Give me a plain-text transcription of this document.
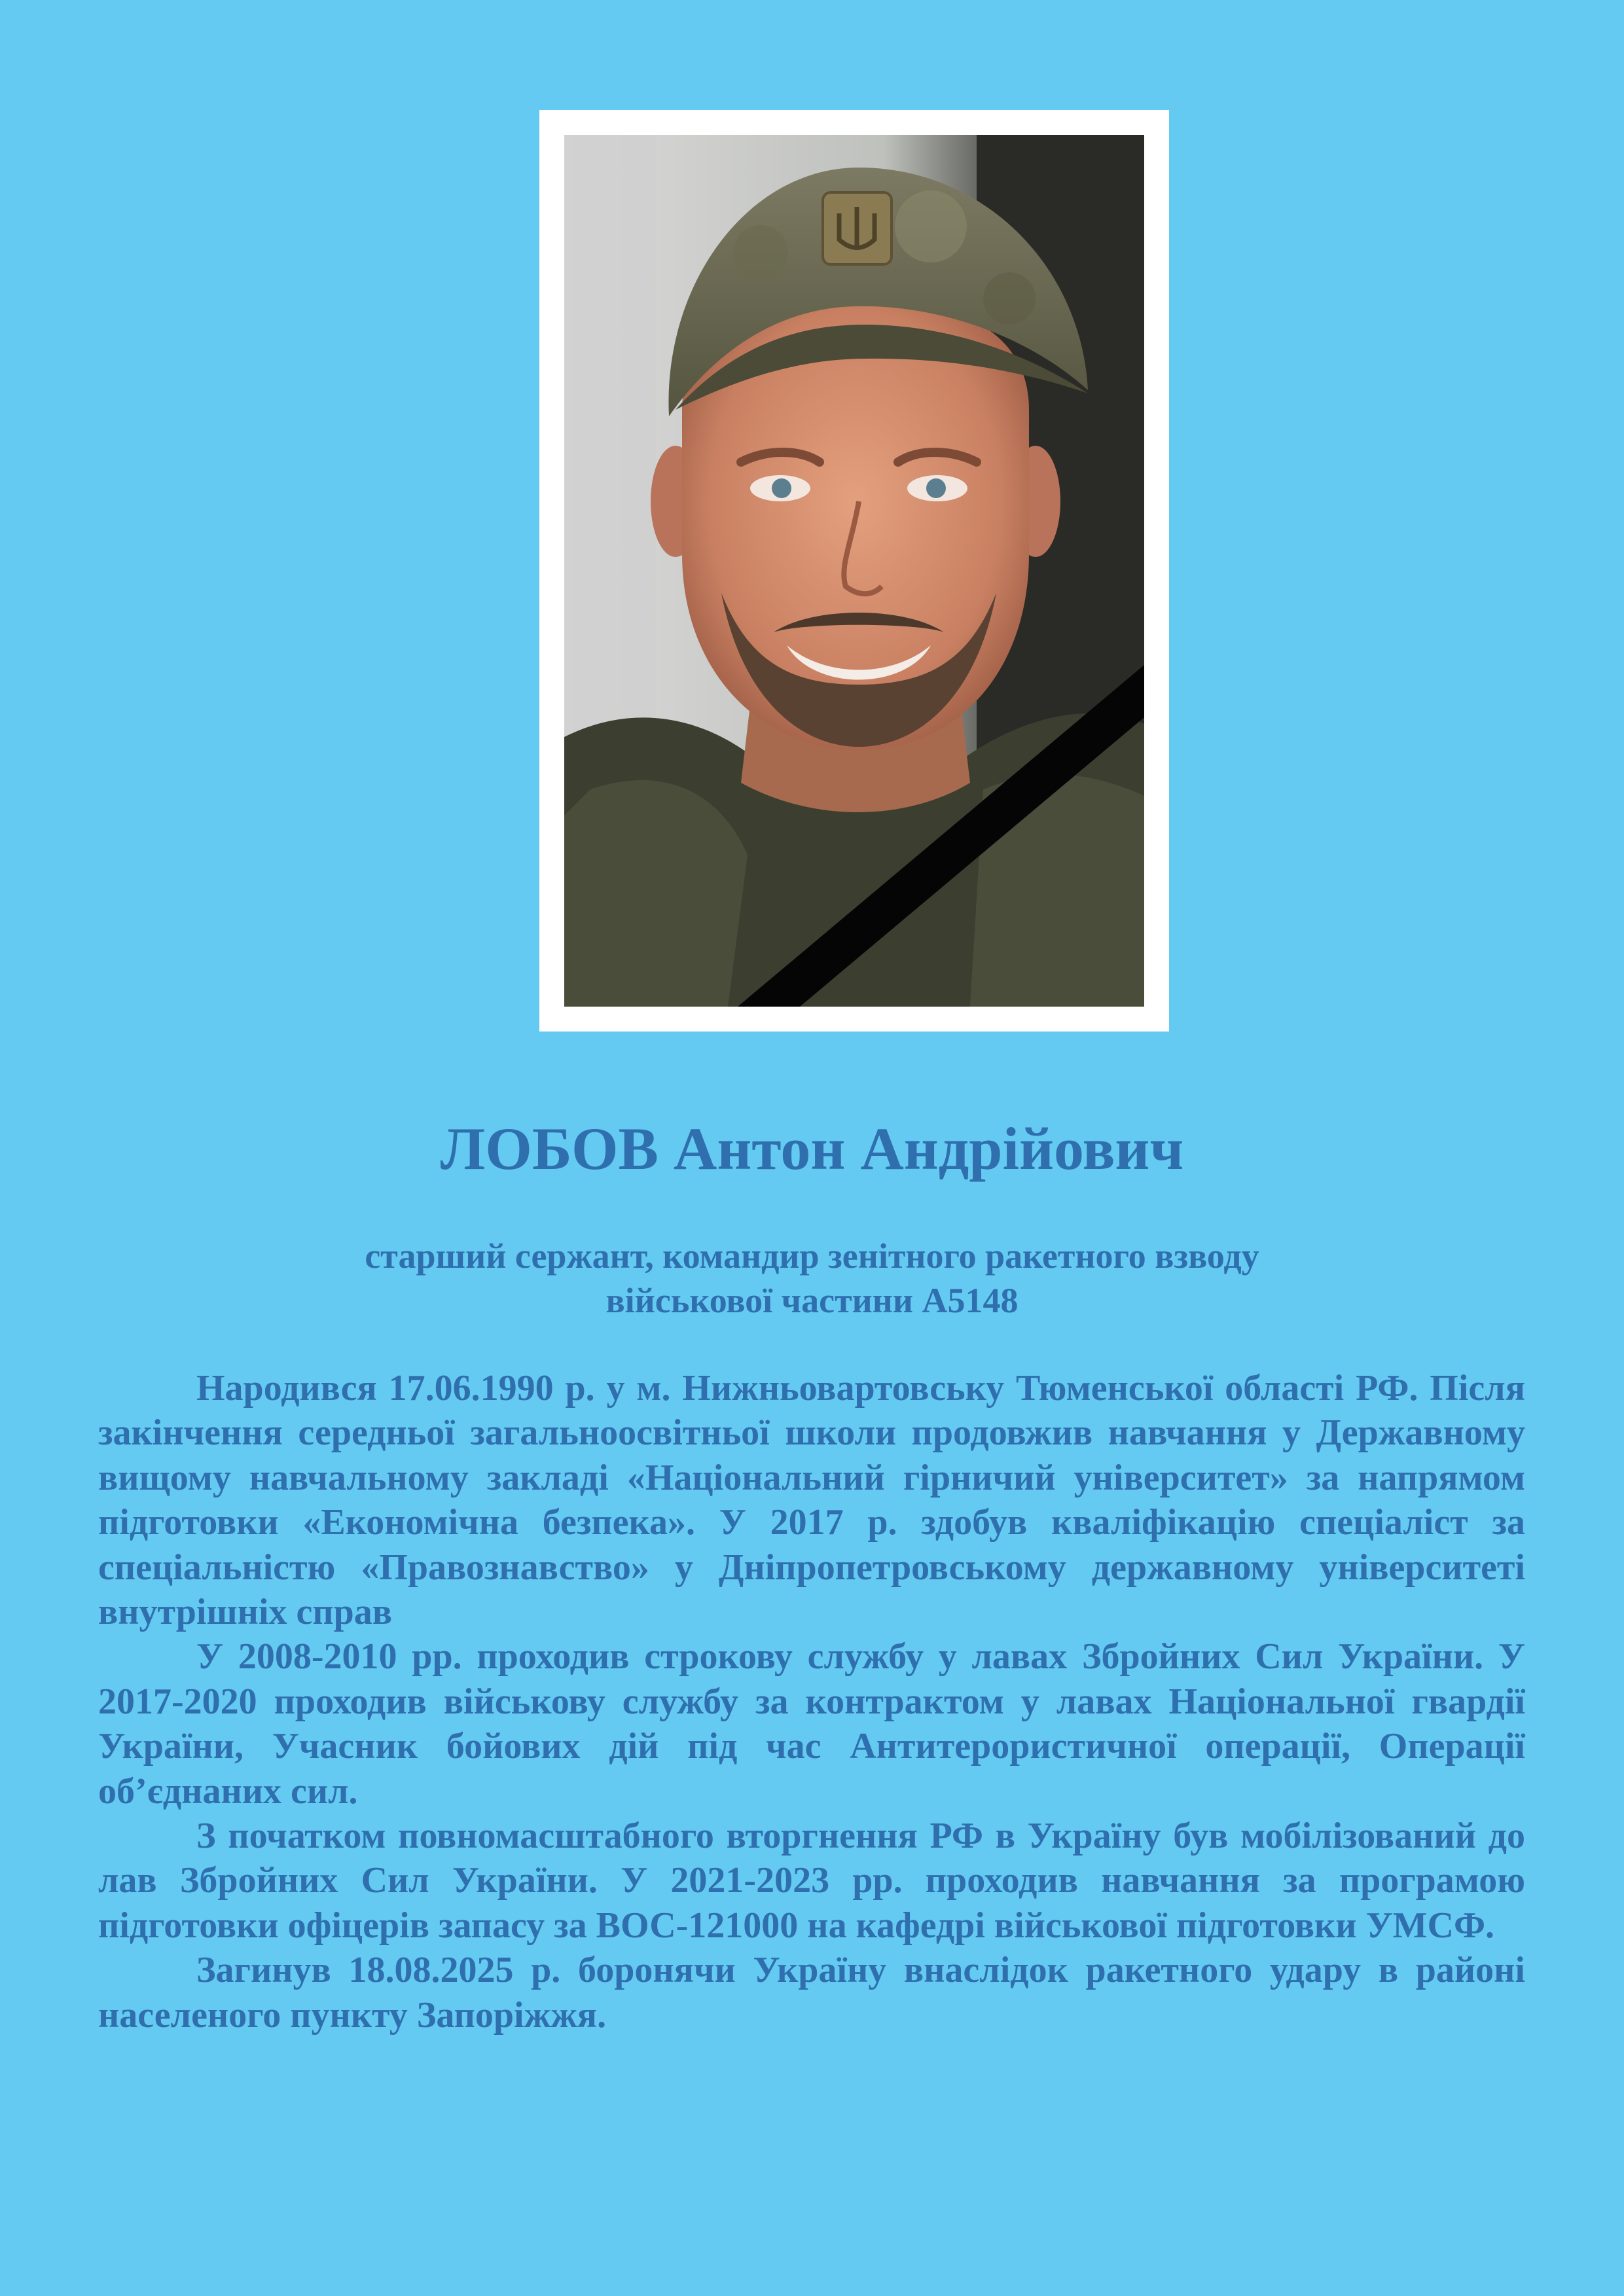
ЛОБОВ Антон Андрійович
старший сержант, командир зенітного ракетного взводу
військової частини А5148

Народився 17.06.1990 р. у м. Нижньовартовську Тюменської області РФ. Після закінчення середньої загальноосвітньої школи продовжив навчання у Державному вищому навчальному закладі «Національний гірничий університет» за напрямом підготовки «Економічна безпека». У 2017 р. здобув кваліфікацію спеціаліст за спеціальністю «Правознавство» у Дніпропетровському державному університеті внутрішніх справ

У 2008-2010 рр. проходив строкову службу у лавах Збройних Сил України. У 2017-2020 проходив військову службу за контрактом у лавах Національної гвардії України, Учасник бойових дій під час Антитерористичної операції, Операції об’єднаних сил.

З початком повномасштабного вторгнення РФ в Україну був мобілізований до лав Збройних Сил України. У 2021-2023 рр. проходив навчання за програмою підготовки офіцерів запасу за ВОС-121000 на кафедрі військової підготовки УМСФ.

Загинув 18.08.2025 р. боронячи Україну внаслідок ракетного удару в районі населеного пункту Запоріжжя.
